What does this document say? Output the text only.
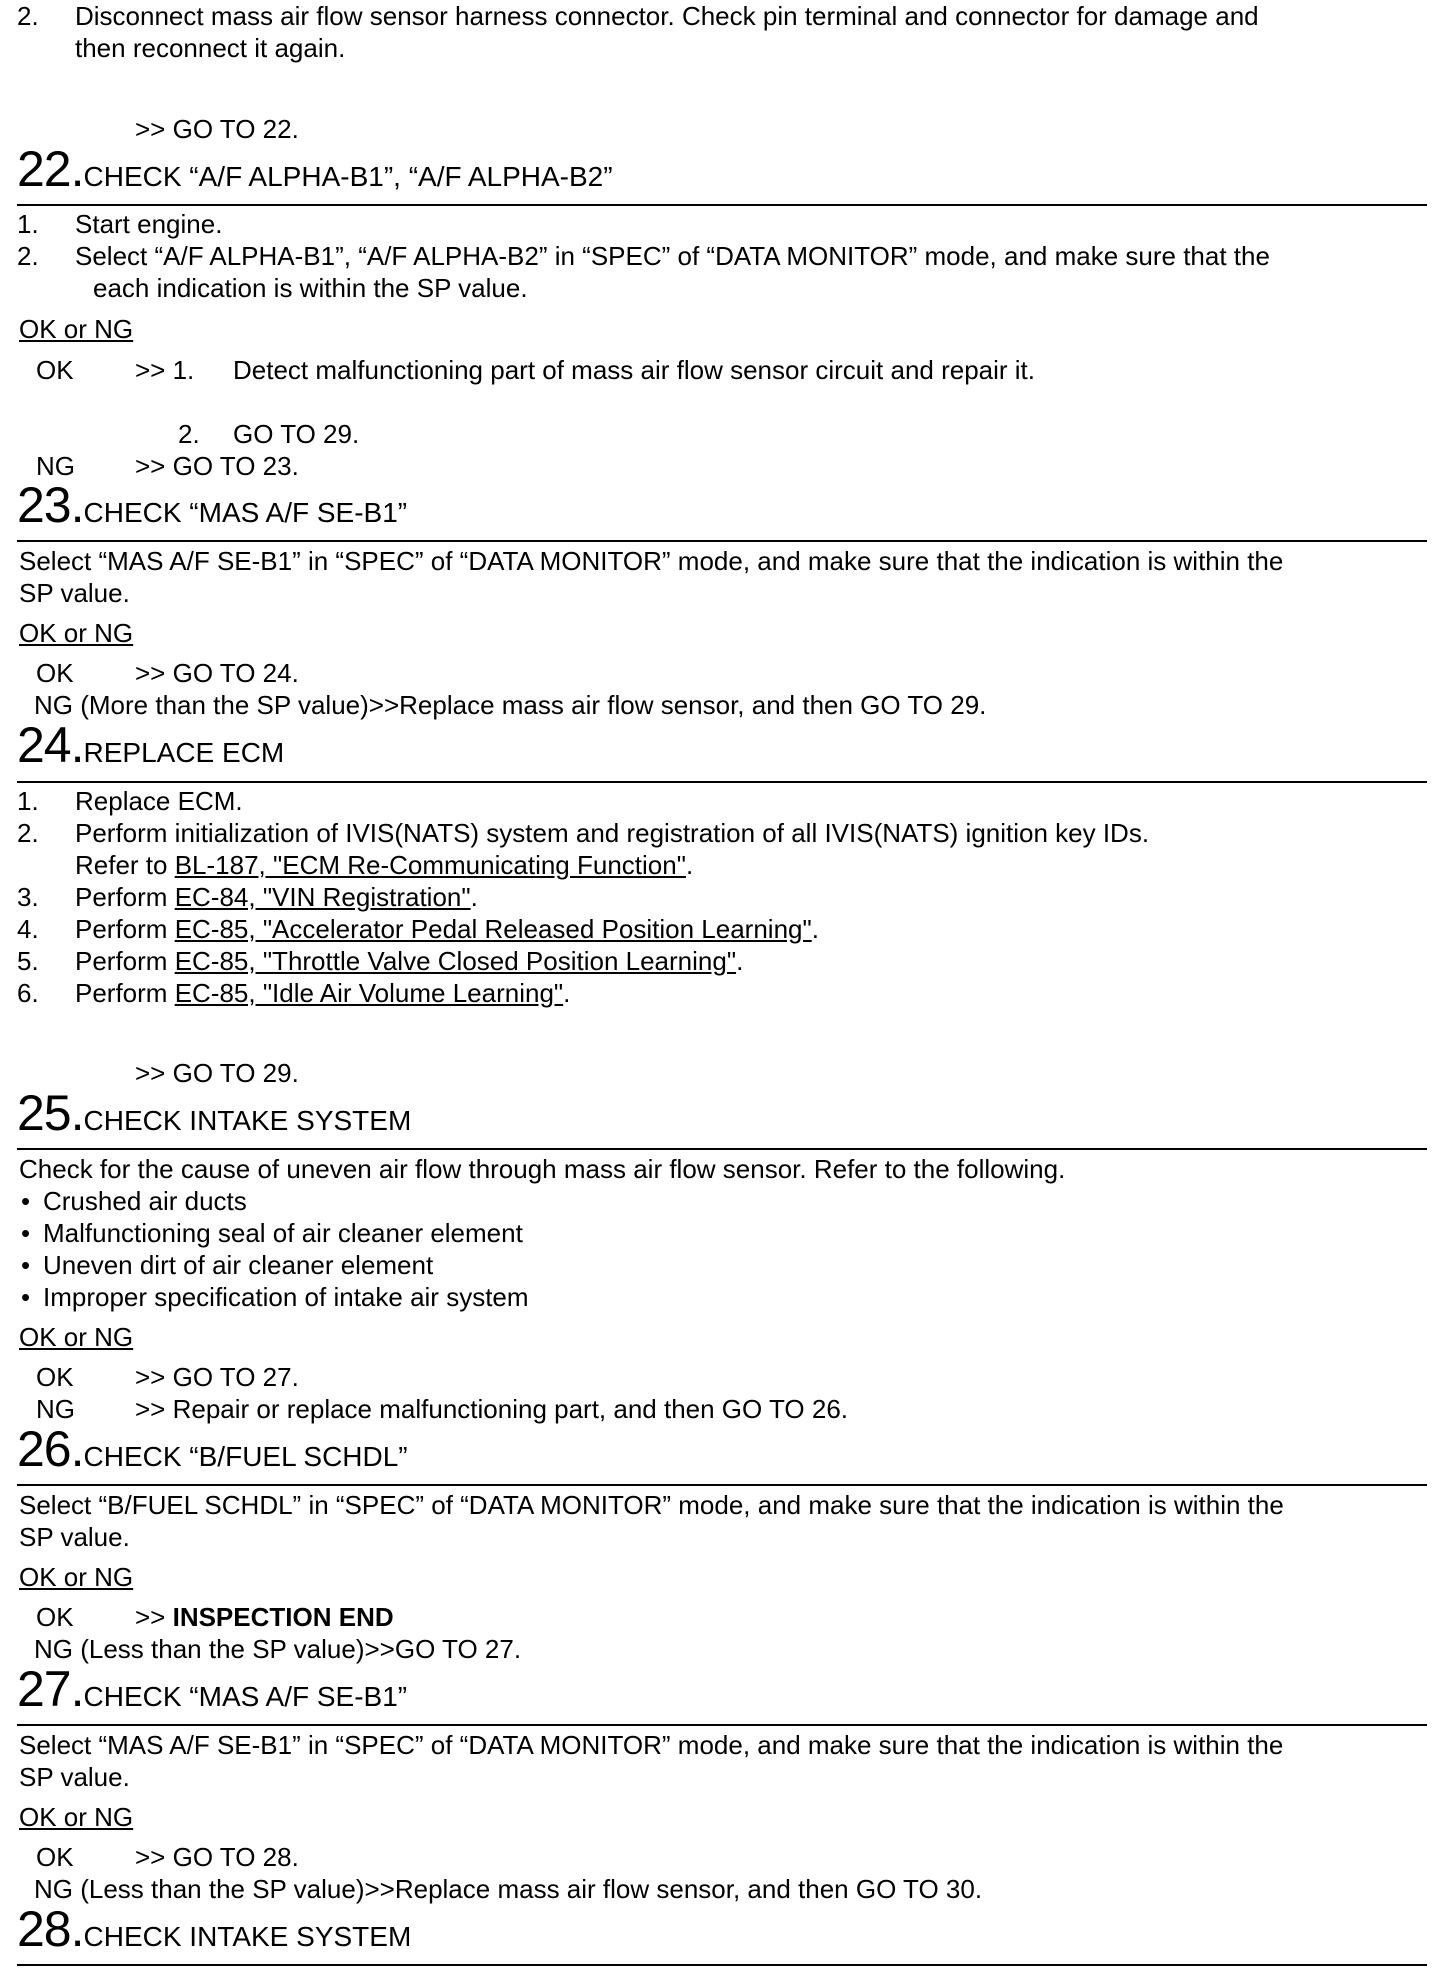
2. Disconnect mass air flow sensor harness connector. Check pin terminal and connector for damage and
then reconnect it again.
>> GO TO 22.
22.CHECK “A/F ALPHA-B1”, “A/F ALPHA-B2”
1. Start engine.
2. Select “A/F ALPHA-B1”, “A/F ALPHA-B2” in “SPEC” of “DATA MONITOR” mode, and make sure that the
each indication is within the SP value.
OK or NG
OK >> 1. Detect malfunctioning part of mass air flow sensor circuit and repair it.
2. GO TO 29.
NG >> GO TO 23.
23.CHECK “MAS A/F SE-B1”
Select “MAS A/F SE-B1” in “SPEC” of “DATA MONITOR” mode, and make sure that the indication is within the
SP value.
OK or NG
OK >> GO TO 24.
NG (More than the SP value)>>Replace mass air flow sensor, and then GO TO 29.
24.REPLACE ECM
1. Replace ECM.
2. Perform initialization of IVIS(NATS) system and registration of all IVIS(NATS) ignition key IDs.
Refer to BL-187, "ECM Re-Communicating Function".
3. Perform EC-84, "VIN Registration".
4. Perform EC-85, "Accelerator Pedal Released Position Learning".
5. Perform EC-85, "Throttle Valve Closed Position Learning".
6. Perform EC-85, "Idle Air Volume Learning".
>> GO TO 29.
25.CHECK INTAKE SYSTEM
Check for the cause of uneven air flow through mass air flow sensor. Refer to the following.
• Crushed air ducts
• Malfunctioning seal of air cleaner element
• Uneven dirt of air cleaner element
• Improper specification of intake air system
OK or NG
OK >> GO TO 27.
NG >> Repair or replace malfunctioning part, and then GO TO 26.
26.CHECK “B/FUEL SCHDL”
Select “B/FUEL SCHDL” in “SPEC” of “DATA MONITOR” mode, and make sure that the indication is within the
SP value.
OK or NG
OK >> INSPECTION END
NG (Less than the SP value)>>GO TO 27.
27.CHECK “MAS A/F SE-B1”
Select “MAS A/F SE-B1” in “SPEC” of “DATA MONITOR” mode, and make sure that the indication is within the
SP value.
OK or NG
OK >> GO TO 28.
NG (Less than the SP value)>>Replace mass air flow sensor, and then GO TO 30.
28.CHECK INTAKE SYSTEM
